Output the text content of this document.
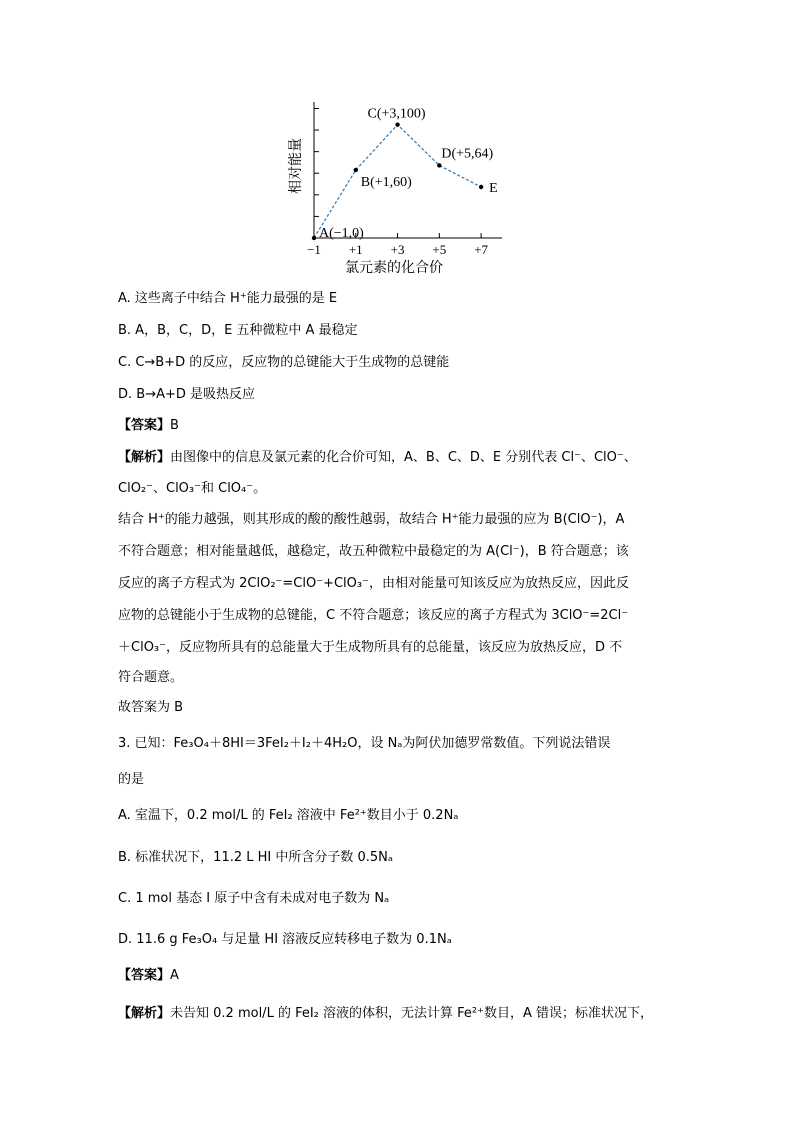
−1 +1 +3 +5 +7
氯元素的化合价
相对能量
A(−1,0)
B(+1,60)
C(+3,100)
D(+5,64)
E
A. 这些离子中结合 H⁺能力最强的是 E
B. A，B，C，D，E 五种微粒中 A 最稳定
C. C→B+D 的反应，反应物的总键能大于生成物的总键能
D. B→A+D 是吸热反应
【答案】B
【解析】由图像中的信息及氯元素的化合价可知，A、B、C、D、E 分别代表 Cl⁻、ClO⁻、
ClO₂⁻、ClO₃⁻和 ClO₄⁻。
结合 H⁺的能力越强，则其形成的酸的酸性越弱，故结合 H⁺能力最强的应为 B(ClO⁻)，A
不符合题意；相对能量越低，越稳定，故五种微粒中最稳定的为 A(Cl⁻)，B 符合题意；该
反应的离子方程式为 2ClO₂⁻=ClO⁻+ClO₃⁻，由相对能量可知该反应为放热反应，因此反
应物的总键能小于生成物的总键能，C 不符合题意；该反应的离子方程式为 3ClO⁻=2Cl⁻
＋ClO₃⁻，反应物所具有的总能量大于生成物所具有的总能量，该反应为放热反应，D 不
符合题意。
故答案为 B
3. 已知：Fe₃O₄＋8HI＝3FeI₂＋I₂＋4H₂O，设 Nₐ为阿伏加德罗常数值。下列说法错误
的是
A. 室温下，0.2 mol/L 的 FeI₂ 溶液中 Fe²⁺数目小于 0.2Nₐ
B. 标准状况下，11.2 L HI 中所含分子数 0.5Nₐ
C. 1 mol 基态 I 原子中含有未成对电子数为 Nₐ
D. 11.6 g Fe₃O₄ 与足量 HI 溶液反应转移电子数为 0.1Nₐ
【答案】A
【解析】未告知 0.2 mol/L 的 FeI₂ 溶液的体积，无法计算 Fe²⁺数目，A 错误；标准状况下，
